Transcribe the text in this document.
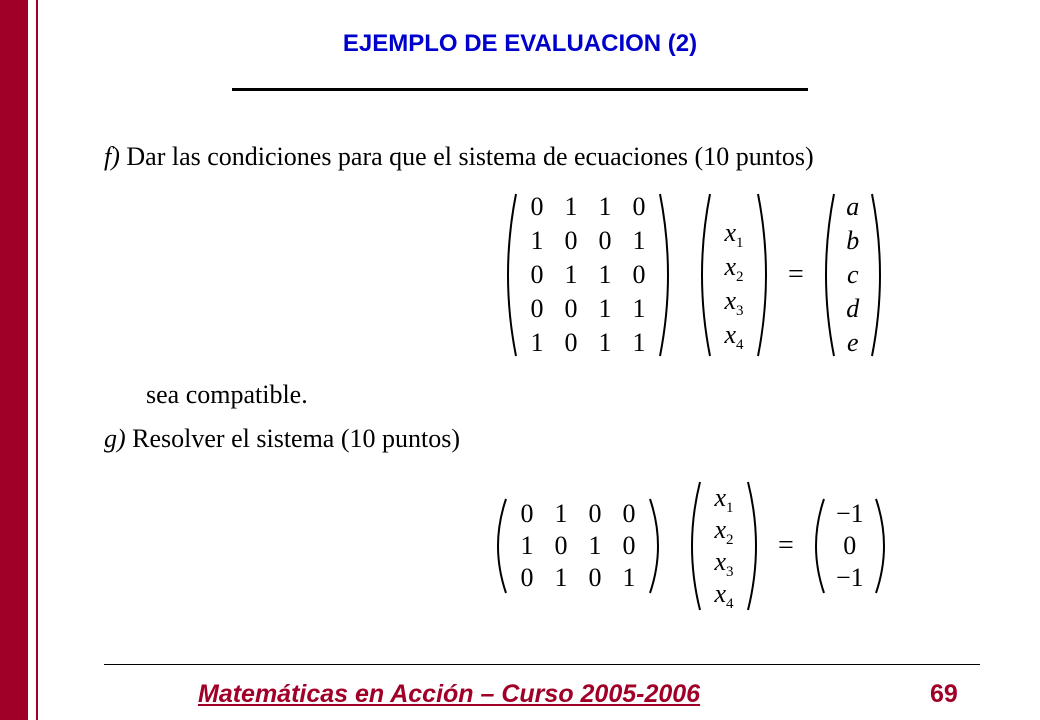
EJEMPLO DE EVALUACION (2)
f) Dar las condiciones para que el sistema de ecuaciones (10 puntos)
0 1 1 0
1 0 0 1
0 1 1 0
0 0 1 1
1 0 1 1
$x_1$
$x_2$
$x_3$
$x_4$
=
a
b
c
d
e
sea compatible.
g) Resolver el sistema (10 puntos)
0 1 0 0
1 0 1 0
0 1 0 1
$x_1$
$x_2$
$x_3$
$x_4$
=
−1
0
−1
Matemáticas en Acción – Curso 2005-2006	69
